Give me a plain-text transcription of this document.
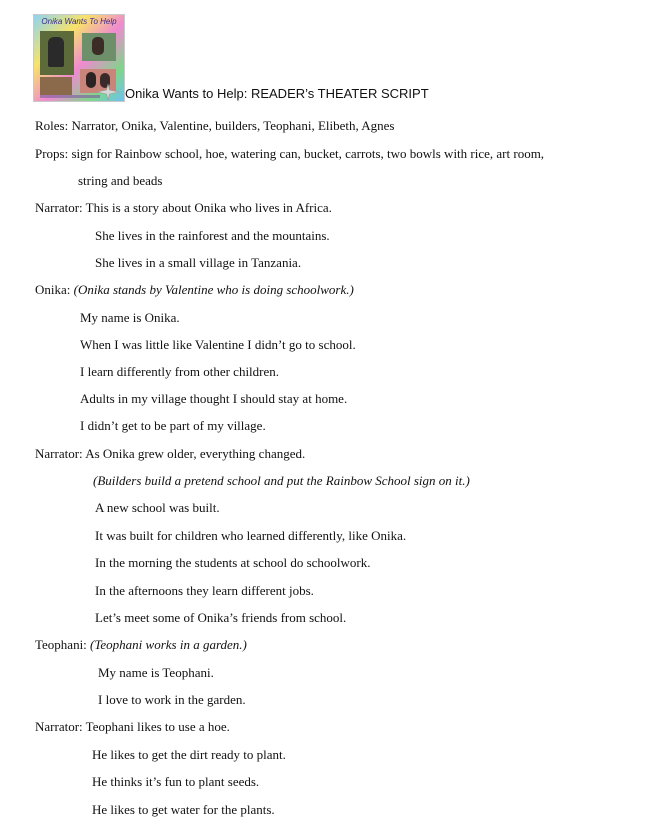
Onika Wants To Help
Onika Wants to Help: READER’s THEATER SCRIPT
Roles: Narrator, Onika, Valentine, builders, Teophani, Elibeth, Agnes
Props: sign for Rainbow school, hoe, watering can, bucket, carrots, two bowls with rice, art room,
string and beads
Narrator: This is a story about Onika who lives in Africa.
She lives in the rainforest and the mountains.
She lives in a small village in Tanzania.
Onika: (Onika stands by Valentine who is doing schoolwork.)
My name is Onika.
When I was little like Valentine I didn’t go to school.
I learn differently from other children.
Adults in my village thought I should stay at home.
I didn’t get to be part of my village.
Narrator: As Onika grew older, everything changed.
(Builders build a pretend school and put the Rainbow School sign on it.)
A new school was built.
It was built for children who learned differently, like Onika.
In the morning the students at school do schoolwork.
In the afternoons they learn different jobs.
Let’s meet some of Onika’s friends from school.
Teophani: (Teophani works in a garden.)
My name is Teophani.
I love to work in the garden.
Narrator: Teophani likes to use a hoe.
He likes to get the dirt ready to plant.
He thinks it’s fun to plant seeds.
He likes to get water for the plants.
